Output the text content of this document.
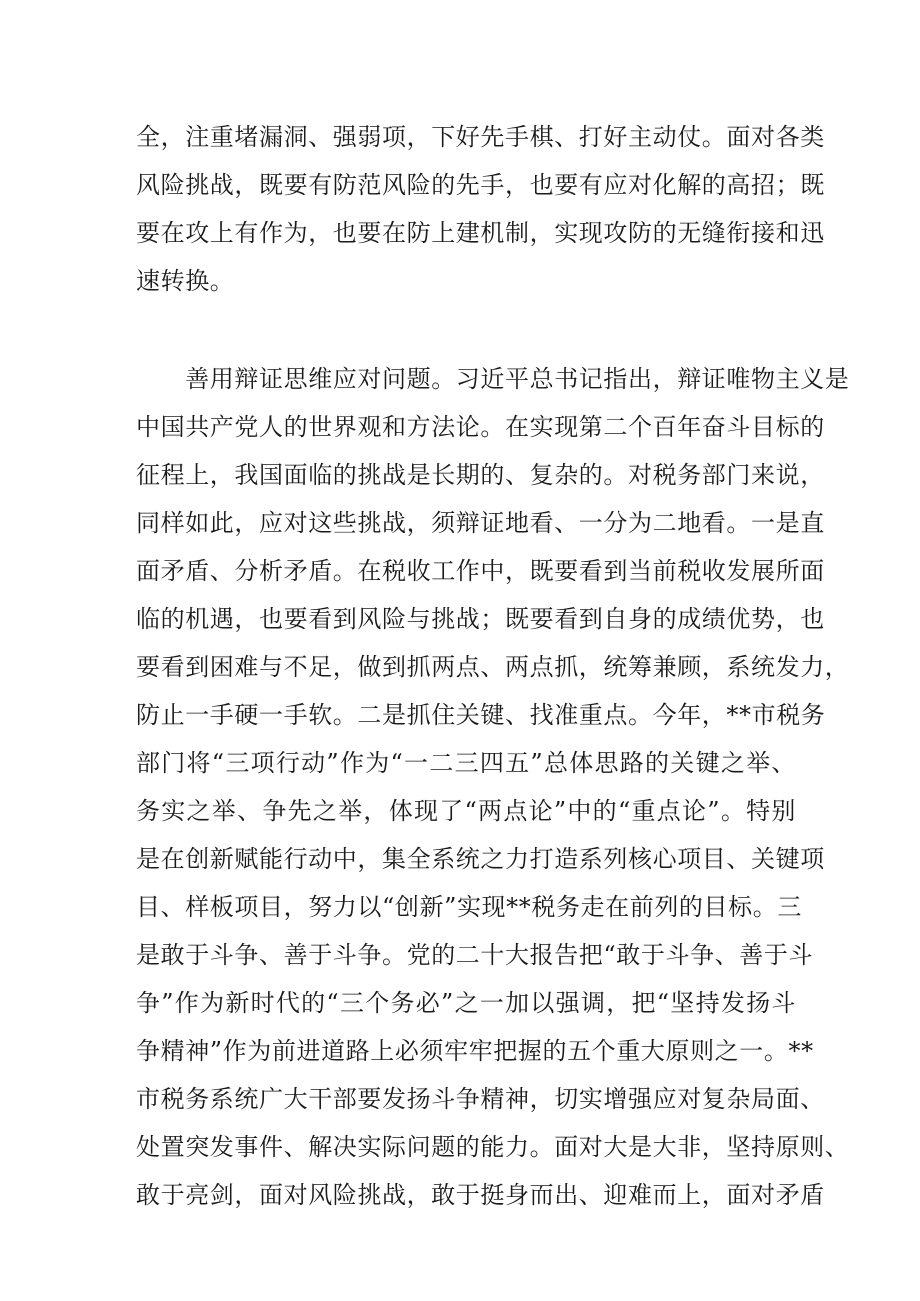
全，注重堵漏洞、强弱项，下好先手棋、打好主动仗。面对各类
风险挑战，既要有防范风险的先手，也要有应对化解的高招；既
要在攻上有作为，也要在防上建机制，实现攻防的无缝衔接和迅
速转换。
　　善用辩证思维应对问题。习近平总书记指出，辩证唯物主义是
中国共产党人的世界观和方法论。在实现第二个百年奋斗目标的
征程上，我国面临的挑战是长期的、复杂的。对税务部门来说，
同样如此，应对这些挑战，须辩证地看、一分为二地看。一是直
面矛盾、分析矛盾。在税收工作中，既要看到当前税收发展所面
临的机遇，也要看到风险与挑战；既要看到自身的成绩优势，也
要看到困难与不足，做到抓两点、两点抓，统筹兼顾，系统发力，
防止一手硬一手软。二是抓住关键、找准重点。今年，**市税务
部门将“三项行动”作为“一二三四五”总体思路的关键之举、
务实之举、争先之举，体现了“两点论”中的“重点论”。特别
是在创新赋能行动中，集全系统之力打造系列核心项目、关键项
目、样板项目，努力以“创新”实现**税务走在前列的目标。三
是敢于斗争、善于斗争。党的二十大报告把“敢于斗争、善于斗
争”作为新时代的“三个务必”之一加以强调，把“坚持发扬斗
争精神”作为前进道路上必须牢牢把握的五个重大原则之一。**
市税务系统广大干部要发扬斗争精神，切实增强应对复杂局面、
处置突发事件、解决实际问题的能力。面对大是大非，坚持原则、
敢于亮剑，面对风险挑战，敢于挺身而出、迎难而上，面对矛盾
